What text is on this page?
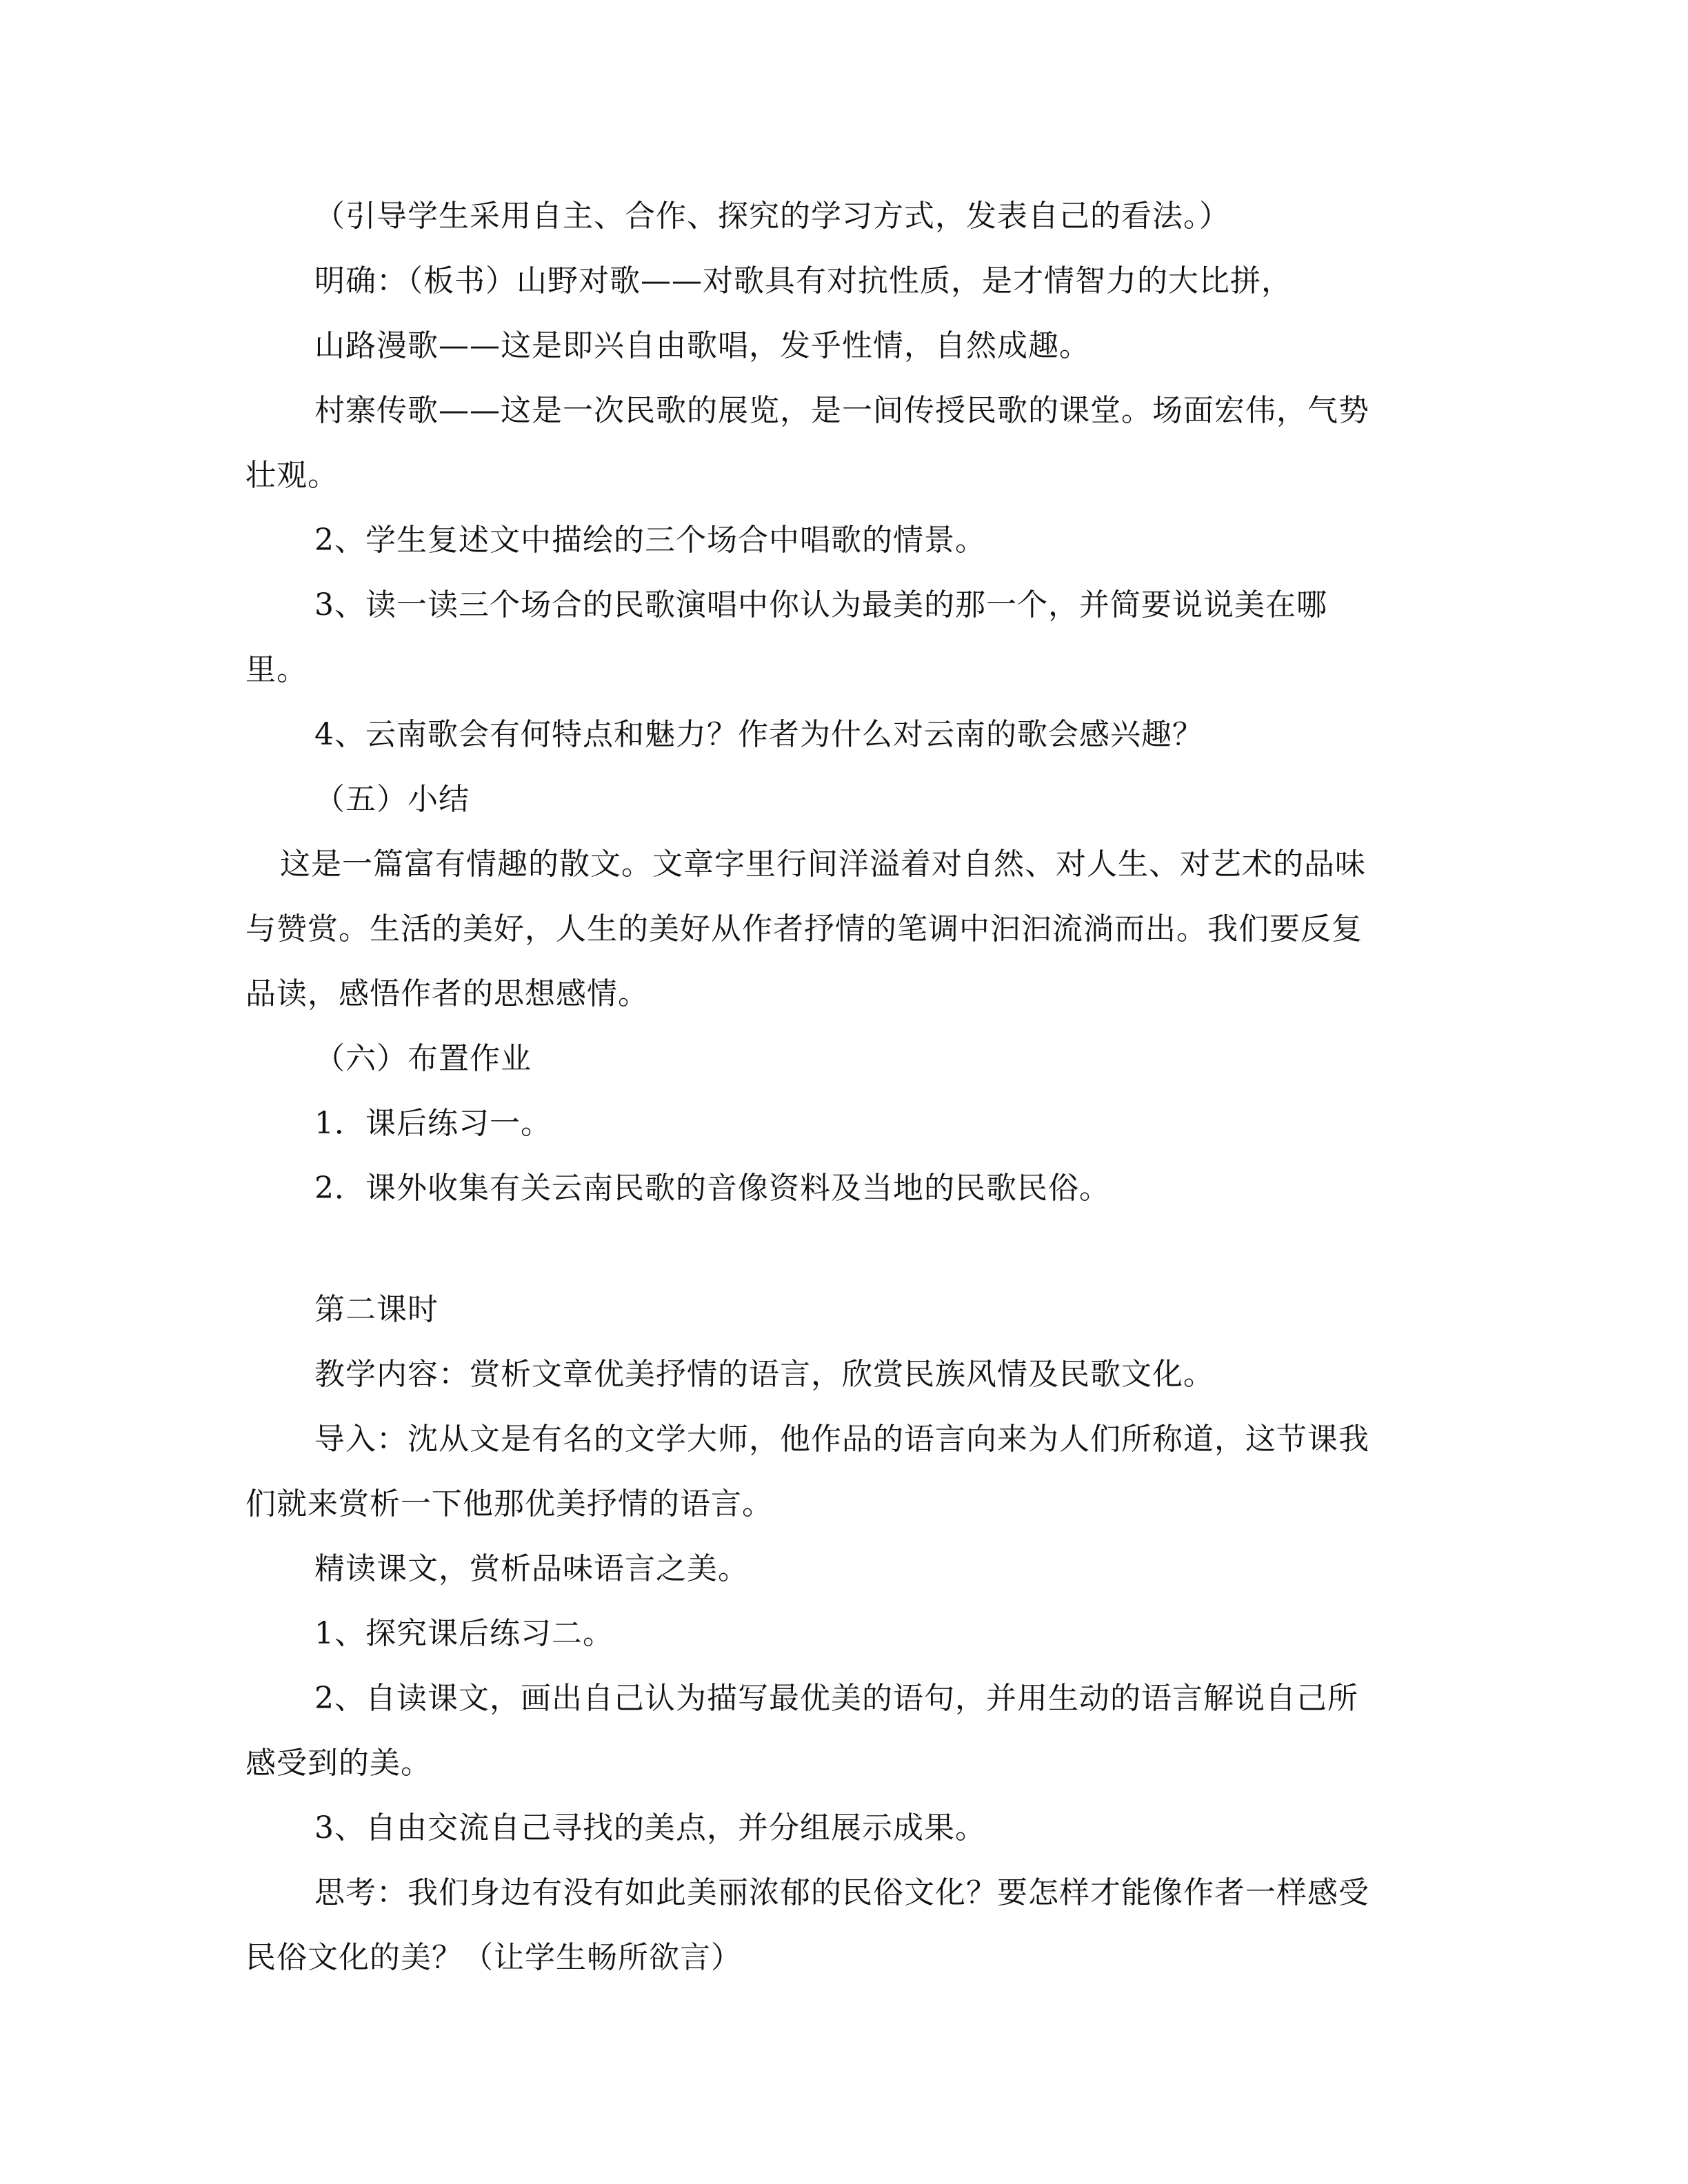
（引导学生采用自主、合作、探究的学习方式，发表自己的看法。）
明确：（板书）山野对歌——对歌具有对抗性质，是才情智力的大比拼，
山路漫歌——这是即兴自由歌唱，发乎性情，自然成趣。
村寨传歌——这是一次民歌的展览，是一间传授民歌的课堂。场面宏伟，气势
壮观。
2、学生复述文中描绘的三个场合中唱歌的情景。
3、读一读三个场合的民歌演唱中你认为最美的那一个，并简要说说美在哪
里。
4、云南歌会有何特点和魅力？作者为什么对云南的歌会感兴趣？
（五）小结
这是一篇富有情趣的散文。文章字里行间洋溢着对自然、对人生、对艺术的品味
与赞赏。生活的美好，人生的美好从作者抒情的笔调中汩汩流淌而出。我们要反复
品读，感悟作者的思想感情。
（六）布置作业
1．课后练习一。
2．课外收集有关云南民歌的音像资料及当地的民歌民俗。
第二课时
教学内容：赏析文章优美抒情的语言，欣赏民族风情及民歌文化。
导入：沈从文是有名的文学大师，他作品的语言向来为人们所称道，这节课我
们就来赏析一下他那优美抒情的语言。
精读课文，赏析品味语言之美。
1、探究课后练习二。
2、自读课文，画出自己认为描写最优美的语句，并用生动的语言解说自己所
感受到的美。
3、自由交流自己寻找的美点，并分组展示成果。
思考：我们身边有没有如此美丽浓郁的民俗文化？要怎样才能像作者一样感受
民俗文化的美？（让学生畅所欲言）
